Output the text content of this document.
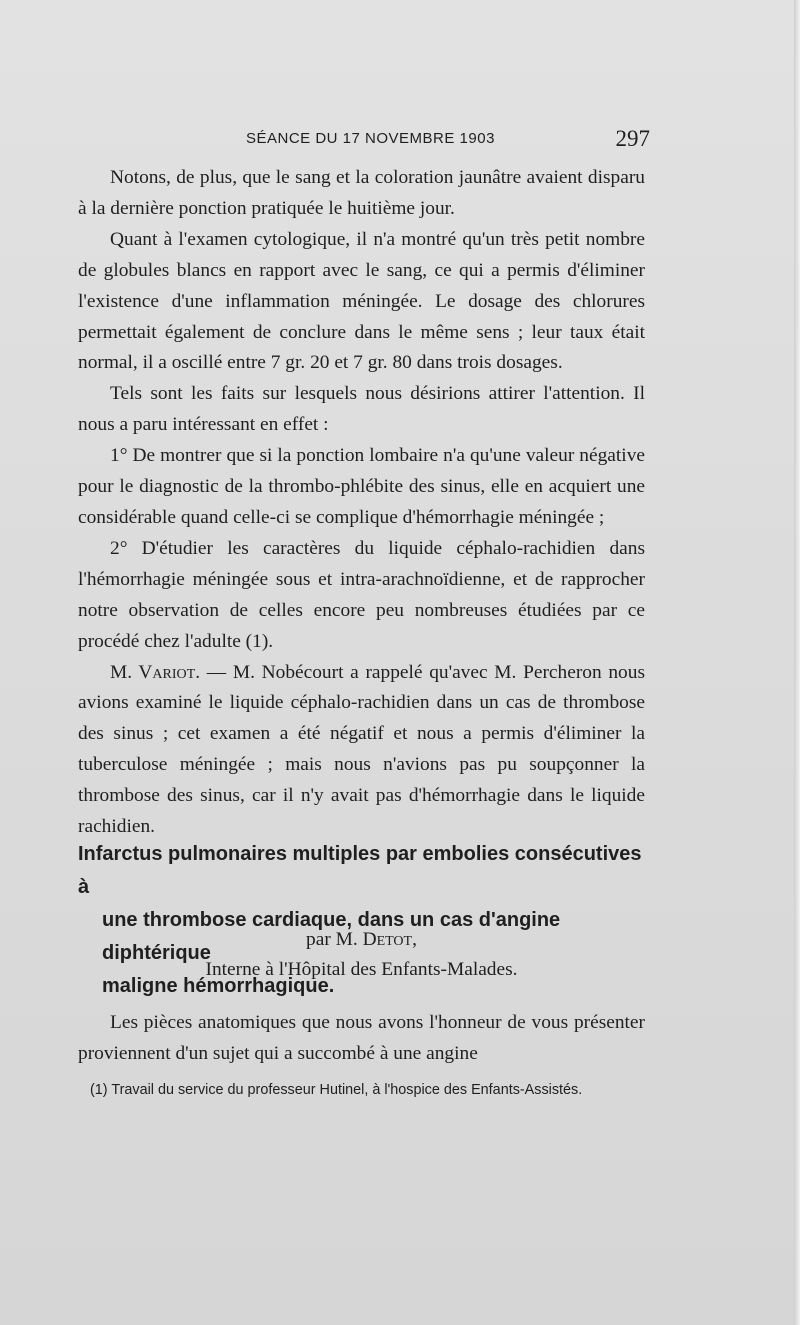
SÉANCE DU 17 NOVEMBRE 1903	297

Notons, de plus, que le sang et la coloration jaunâtre avaient disparu à la dernière ponction pratiquée le huitième jour.

Quant à l'examen cytologique, il n'a montré qu'un très petit nombre de globules blancs en rapport avec le sang, ce qui a permis d'éliminer l'existence d'une inflammation méningée. Le dosage des chlorures permettait également de conclure dans le même sens ; leur taux était normal, il a oscillé entre 7 gr. 20 et 7 gr. 80 dans trois dosages.

Tels sont les faits sur lesquels nous désirions attirer l'attention. Il nous a paru intéressant en effet :

1° De montrer que si la ponction lombaire n'a qu'une valeur négative pour le diagnostic de la thrombo-phlébite des sinus, elle en acquiert une considérable quand celle-ci se complique d'hémorrhagie méningée ;

2° D'étudier les caractères du liquide céphalo-rachidien dans l'hémorrhagie méningée sous et intra-arachnoïdienne, et de rapprocher notre observation de celles encore peu nombreuses étudiées par ce procédé chez l'adulte (1).

M. Variot. — M. Nobécourt a rappelé qu'avec M. Percheron nous avions examiné le liquide céphalo-rachidien dans un cas de thrombose des sinus ; cet examen a été négatif et nous a permis d'éliminer la tuberculose méningée ; mais nous n'avions pas pu soupçonner la thrombose des sinus, car il n'y avait pas d'hémorrhagie dans le liquide rachidien.

Infarctus pulmonaires multiples par embolies consécutives à
une thrombose cardiaque, dans un cas d'angine diphtérique
maligne hémorrhagique.
par M. Detot,
Interne à l'Hôpital des Enfants-Malades.

Les pièces anatomiques que nous avons l'honneur de vous présenter proviennent d'un sujet qui a succombé à une angine

(1) Travail du service du professeur Hutinel, à l'hospice des Enfants-Assistés.
